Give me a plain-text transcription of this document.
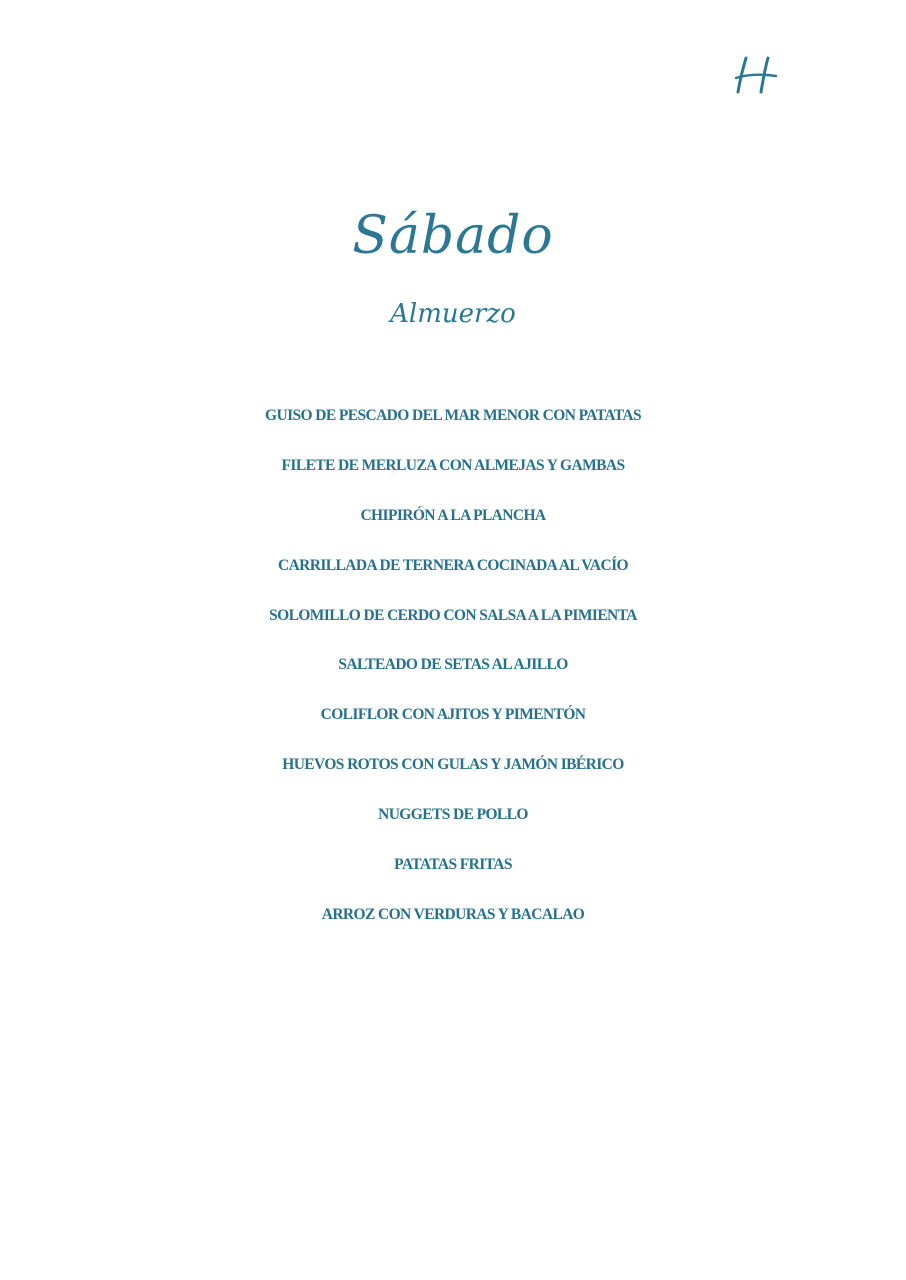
Sábado
Almuerzo
GUISO DE PESCADO DEL MAR MENOR CON PATATAS
FILETE DE MERLUZA CON ALMEJAS Y GAMBAS
CHIPIRÓN A LA PLANCHA
CARRILLADA DE TERNERA COCINADA AL VACÍO
SOLOMILLO DE CERDO CON SALSA A LA PIMIENTA
SALTEADO DE SETAS AL AJILLO
COLIFLOR CON AJITOS Y PIMENTÓN
HUEVOS ROTOS CON GULAS Y JAMÓN IBÉRICO
NUGGETS DE POLLO
PATATAS FRITAS
ARROZ CON VERDURAS Y BACALAO
